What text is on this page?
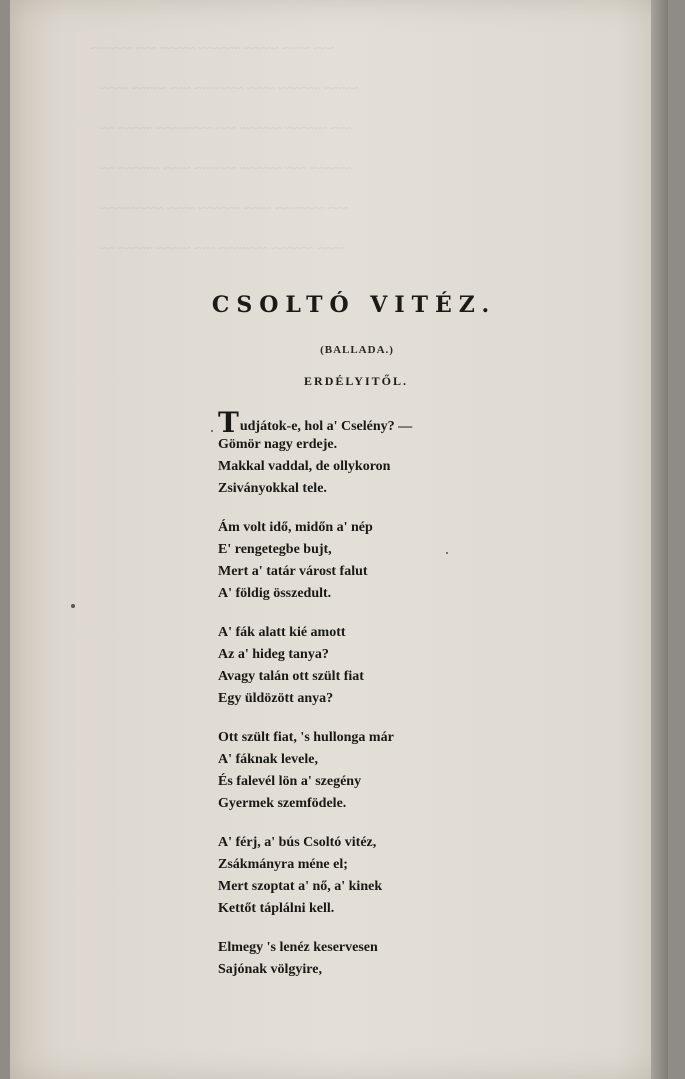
~~~ ~~~~ ~~~~~ ~~~~~~ ~~~~~ ~~~ ~~~~~~
~~~~~ ~~~~~~ ~~~~ ~~~~~~~ ~~~ ~~~~~ ~~~~
~~~ ~~~~~~ ~~~~~~ ~~~ ~~~~~~~~ ~~~~~ ~~
~~~~~~ ~~~ ~~~~~~ ~~~~~~ ~~~~ ~~~~~~ ~~
~~~ ~~~~~~~ ~~~~ ~~~~~~ ~~~~ ~~~~~~~~~
~~~~ ~~~~~~ ~~~~~~~ ~~~ ~~~~~ ~~~~~ ~~
CSOLTÓ VITÉZ.
(BALLADA.)
ERDÉLYITŐL.
Tudjátok-e, hol a' Cselény? —
Gömör nagy erdeje.
Makkal vaddal, de ollykoron
Zsiványokkal tele.
Ám volt idő, midőn a' nép
E' rengetegbe bujt,
Mert a' tatár várost falut
A' földig összedult.
A' fák alatt kié amott
Az a' hideg tanya?
Avagy talán ott szült fiat
Egy üldözött anya?
Ott szült fiat, 's hullonga már
A' fáknak levele,
És falevél lön a' szegény
Gyermek szemfödele.
A' férj, a' bús Csoltó vitéz,
Zsákmányra méne el;
Mert szoptat a' nő, a' kinek
Kettőt táplálni kell.
Elmegy 's lenéz keservesen
Sajónak völgyire,
